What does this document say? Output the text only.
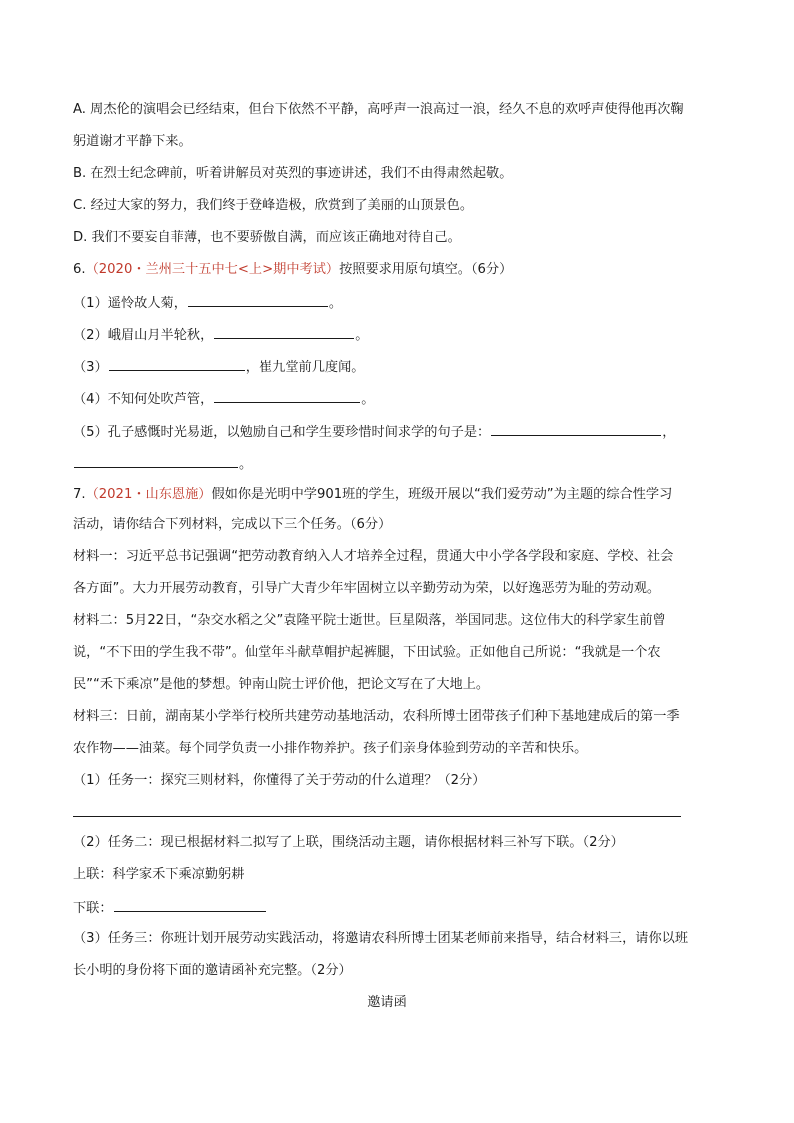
A. 周杰伦的演唱会已经结束，但台下依然不平静，高呼声一浪高过一浪，经久不息的欢呼声使得他再次鞠
躬道谢才平静下来。
B. 在烈士纪念碑前，听着讲解员对英烈的事迹讲述，我们不由得肃然起敬。
C. 经过大家的努力，我们终于登峰造极，欣赏到了美丽的山顶景色。
D. 我们不要妄自菲薄，也不要骄傲自满，而应该正确地对待自己。
6.（2020・兰州三十五中七<上>期中考试）按照要求用原句填空。（6分）
（1）遥怜故人菊，	。
（2）峨眉山月半轮秋，	。
（3）	，崔九堂前几度闻。
（4）不知何处吹芦管，	。
（5）孔子感慨时光易逝，以勉励自己和学生要珍惜时间求学的句子是：	，
。
7.（2021・山东恩施）假如你是光明中学901班的学生，班级开展以“我们爱劳动”为主题的综合性学习
活动，请你结合下列材料，完成以下三个任务。（6分）
材料一：习近平总书记强调“把劳动教育纳入人才培养全过程，贯通大中小学各学段和家庭、学校、社会
各方面”。大力开展劳动教育，引导广大青少年牢固树立以辛勤劳动为荣，以好逸恶劳为耻的劳动观。
材料二：5月22日，“杂交水稻之父”袁隆平院士逝世。巨星陨落，举国同悲。这位伟大的科学家生前曾
说，“不下田的学生我不带”。仙堂年斗献草帽护起裤腿，下田试验。正如他自己所说：“我就是一个农
民”“禾下乘凉”是他的梦想。钟南山院士评价他，把论文写在了大地上。
材料三：日前，湖南某小学举行校所共建劳动基地活动，农科所博士团带孩子们种下基地建成后的第一季
农作物——油菜。每个同学负责一小排作物养护。孩子们亲身体验到劳动的辛苦和快乐。
（1）任务一：探究三则材料，你懂得了关于劳动的什么道理？（2分）
（2）任务二：现已根据材料二拟写了上联，围绕活动主题，请你根据材料三补写下联。（2分）
上联：科学家禾下乘凉勤躬耕
下联：
（3）任务三：你班计划开展劳动实践活动，将邀请农科所博士团某老师前来指导，结合材料三，请你以班
长小明的身份将下面的邀请函补充完整。（2分）
邀请函
